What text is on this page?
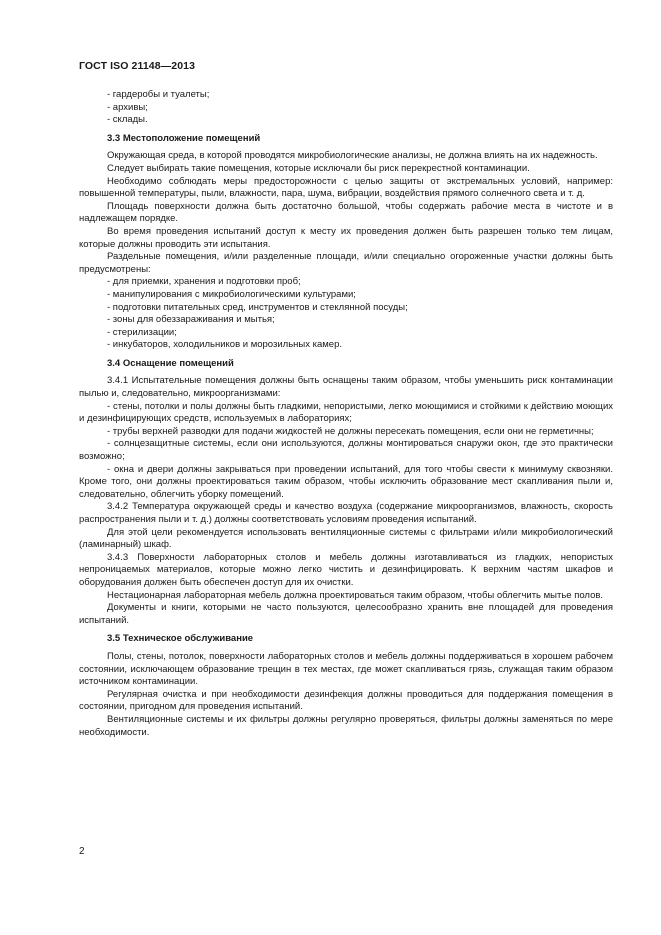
ГОСТ ISO 21148—2013

- гардеробы и туалеты;

- архивы;

- склады.

3.3 Местоположение помещений

Окружающая среда, в которой проводятся микробиологические анализы, не должна влиять на их надежность.

Следует выбирать такие помещения, которые исключали бы риск перекрестной контаминации.

Необходимо соблюдать меры предосторожности с целью защиты от экстремальных условий, например: повышенной температуры, пыли, влажности, пара, шума, вибрации, воздействия прямого солнечного света и т. д.

Площадь поверхности должна быть достаточно большой, чтобы содержать рабочие места в чистоте и в надлежащем порядке.

Во время проведения испытаний доступ к месту их проведения должен быть разрешен только тем лицам, которые должны проводить эти испытания.

Раздельные помещения, и/или разделенные площади, и/или специально огороженные участки должны быть предусмотрены:

- для приемки, хранения и подготовки проб;

- манипулирования с микробиологическими культурами;

- подготовки питательных сред, инструментов и стеклянной посуды;

- зоны для обеззараживания и мытья;

- стерилизации;

- инкубаторов, холодильников и морозильных камер.

3.4 Оснащение помещений

3.4.1 Испытательные помещения должны быть оснащены таким образом, чтобы уменьшить риск контаминации пылью и, следовательно, микроорганизмами:

- стены, потолки и полы должны быть гладкими, непористыми, легко моющимися и стойкими к действию моющих и дезинфицирующих средств, используемых в лабораториях;

- трубы верхней разводки для подачи жидкостей не должны пересекать помещения, если они не герметичны;

- солнцезащитные системы, если они используются, должны монтироваться снаружи окон, где это практически возможно;

- окна и двери должны закрываться при проведении испытаний, для того чтобы свести к минимуму сквозняки. Кроме того, они должны проектироваться таким образом, чтобы исключить образование мест скапливания пыли и, следовательно, облегчить уборку помещений.

3.4.2 Температура окружающей среды и качество воздуха (содержание микроорганизмов, влажность, скорость распространения пыли и т. д.) должны соответствовать условиям проведения испытаний.

Для этой цели рекомендуется использовать вентиляционные системы с фильтрами и/или микробиологический (ламинарный) шкаф.

3.4.3 Поверхности лабораторных столов и мебель должны изготавливаться из гладких, непористых непроницаемых материалов, которые можно легко чистить и дезинфицировать. К верхним частям шкафов и оборудования должен быть обеспечен доступ для их очистки.

Нестационарная лабораторная мебель должна проектироваться таким образом, чтобы облегчить мытье полов.

Документы и книги, которыми не часто пользуются, целесообразно хранить вне площадей для проведения испытаний.

3.5 Техническое обслуживание

Полы, стены, потолок, поверхности лабораторных столов и мебель должны поддерживаться в хорошем рабочем состоянии, исключающем образование трещин в тех местах, где может скапливаться грязь, служащая таким образом источником контаминации.

Регулярная очистка и при необходимости дезинфекция должны проводиться для поддержания помещения в состоянии, пригодном для проведения испытаний.

Вентиляционные системы и их фильтры должны регулярно проверяться, фильтры должны заменяться по мере необходимости.

2
